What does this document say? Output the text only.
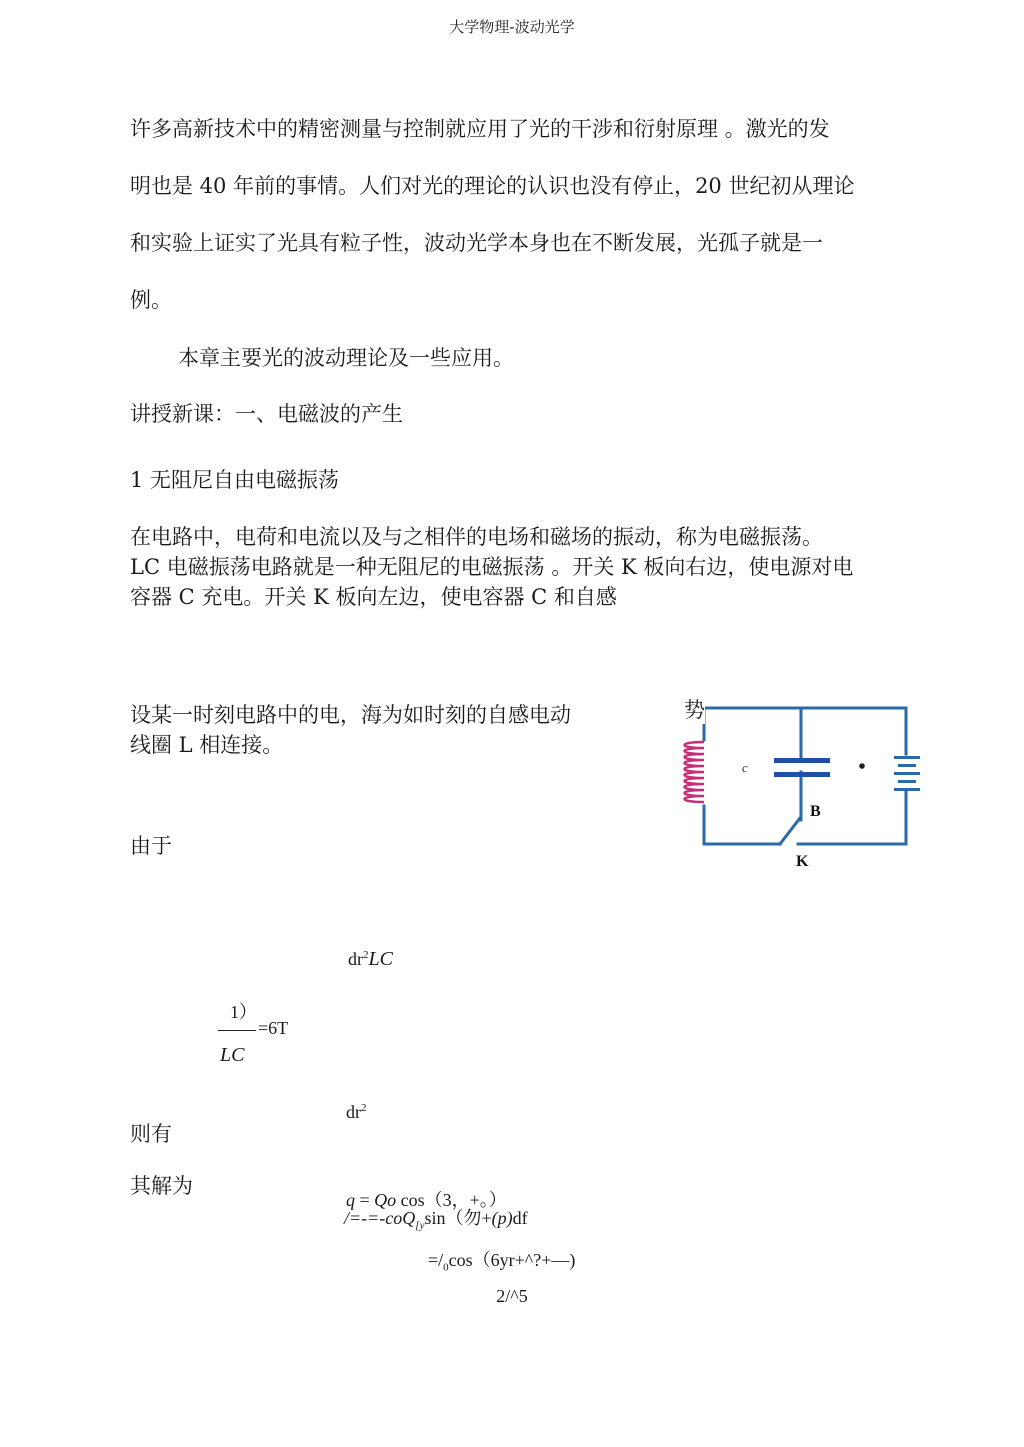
大学物理-波动光学
许多高新技术中的精密测量与控制就应用了光的干涉和衍射原理 。激光的发
明也是 40 年前的事情。人们对光的理论的认识也没有停止，20 世纪初从理论
和实验上证实了光具有粒子性，波动光学本身也在不断发展，光孤子就是一
例。
本章主要光的波动理论及一些应用。
讲授新课：一、电磁波的产生
1 无阻尼自由电磁振荡
在电路中，电荷和电流以及与之相伴的电场和磁场的振动，称为电磁振荡。
LC 电磁振荡电路就是一种无阻尼的电磁振荡 。开关 K 板向右边，使电源对电
容器 C 充电。开关 K 板向左边，使电容器 C 和自感
设某一时刻电路中的电，海为如时刻的自感电动
线圈 L 相连接。
由于
则有
其解为
c
B
K
势
$dr^2LC$
1）
=6T
LC
$dr^2$
q = Qo cos（3，+。）
/=-=-coQ$_{[y}$sin（勿+(p)df
$=/_0\cos(6yr+\^{}?+—)$
2/^5
